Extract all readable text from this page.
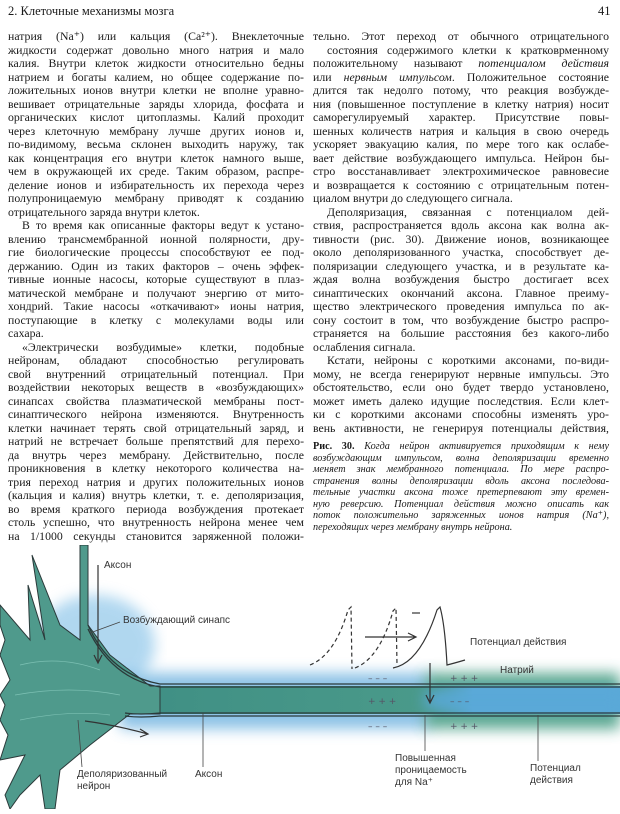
2. Клеточные механизмы мозга	41
натрия (Na⁺) или кальция (Ca²⁺). Внеклеточные
жидкости содержат довольно много натрия и мало
калия. Внутри клеток жидкости относительно бедны
натрием и богаты калием, но общее содержание по-
ложительных ионов внутри клетки не вполне уравно-
вешивает отрицательные заряды хлорида, фосфата и
органических кислот цитоплазмы. Калий проходит
через клеточную мембрану лучше других ионов и,
по-видимому, весьма склонен выходить наружу, так
как концентрация его внутри клеток намного выше,
чем в окружающей их среде. Таким образом, распре-
деление ионов и избирательность их перехода через
полупроницаемую мембрану приводят к созданию
отрицательного заряда внутри клеток.
В то время как описанные факторы ведут к устано-
влению трансмембранной ионной полярности, дру-
гие биологические процессы способствуют ее под-
держанию. Один из таких факторов – очень эффек-
тивные ионные насосы, которые существуют в плаз-
матической мембране и получают энергию от мито-
хондрий. Такие насосы «откачивают» ионы натрия,
поступающие в клетку с молекулами воды или
сахара.
«Электрически возбудимые» клетки, подобные
нейронам, обладают способностью регулировать
свой внутренний отрицательный потенциал. При
воздействии некоторых веществ в «возбуждающих»
синапсах свойства плазматической мембраны пост-
синаптического нейрона изменяются. Внутренность
клетки начинает терять свой отрицательный заряд, и
натрий не встречает больше препятствий для перехо-
да внутрь через мембрану. Действительно, после
проникновения в клетку некоторого количества на-
трия переход натрия и других положительных ионов
(кальция и калия) внутрь клетки, т. е. деполяризация,
во время краткого периода возбуждения протекает
столь успешно, что внутренность нейрона менее чем
на 1/1000 секунды становится заряженной положи-
тельно. Этот переход от обычного отрицательного
состояния содержимого клетки к кратковрменному
положительному называют потенциалом действия
или нервным импульсом. Положительное состояние
длится так недолго потому, что реакция возбужде-
ния (повышенное поступление в клетку натрия) носит
саморегулируемый характер. Присутствие повы-
шенных количеств натрия и кальция в свою очередь
ускоряет эвакуацию калия, по мере того как ослабе-
вает действие возбуждающего импульса. Нейрон бы-
стро восстанавливает электрохимическое равновесие
и возвращается к состоянию с отрицательным потен-
циалом внутри до следующего сигнала.
Деполяризация, связанная с потенциалом дей-
ствия, распространяется вдоль аксона как волна ак-
тивности (рис. 30). Движение ионов, возникающее
около деполяризованного участка, способствует де-
поляризации следующего участка, и в результате ка-
ждая волна возбуждения быстро достигает всех
синаптических окончаний аксона. Главное преиму-
щество электрического проведения импульса по ак-
сону состоит в том, что возбуждение быстро распро-
страняется на большие расстояния без какого-либо
ослабления сигнала.
Кстати, нейроны с короткими аксонами, по-види-
мому, не всегда генерируют нервные импульсы. Это
обстоятельство, если оно будет твердо установлено,
может иметь далеко идущие последствия. Если клет-
ки с короткими аксонами способны изменять уро-
вень активности, не генерируя потенциалы действия,
Рис. 30. Когда нейрон активируется приходящим к нему
возбуждающим импульсом, волна деполяризации временно
меняет знак мембранного потенциала. По мере распро-
странения волны деполяризации вдоль аксона последова-
тельные участки аксона тоже претерпевают эту времен-
ную реверсию. Потенциал действия можно описать как
поток положительно заряженных ионов натрия (Na⁺),
переходящих через мембрану внутрь нейрона.
– – –
+ + +
– – –
+ + +
– – –
+ + +
Аксон
Возбуждающий синапс
Потенциал действия
Натрий
Деполяризованный
нейрон
Аксон
Повышенная
проницаемость
для Na⁺
Потенциал
действия
